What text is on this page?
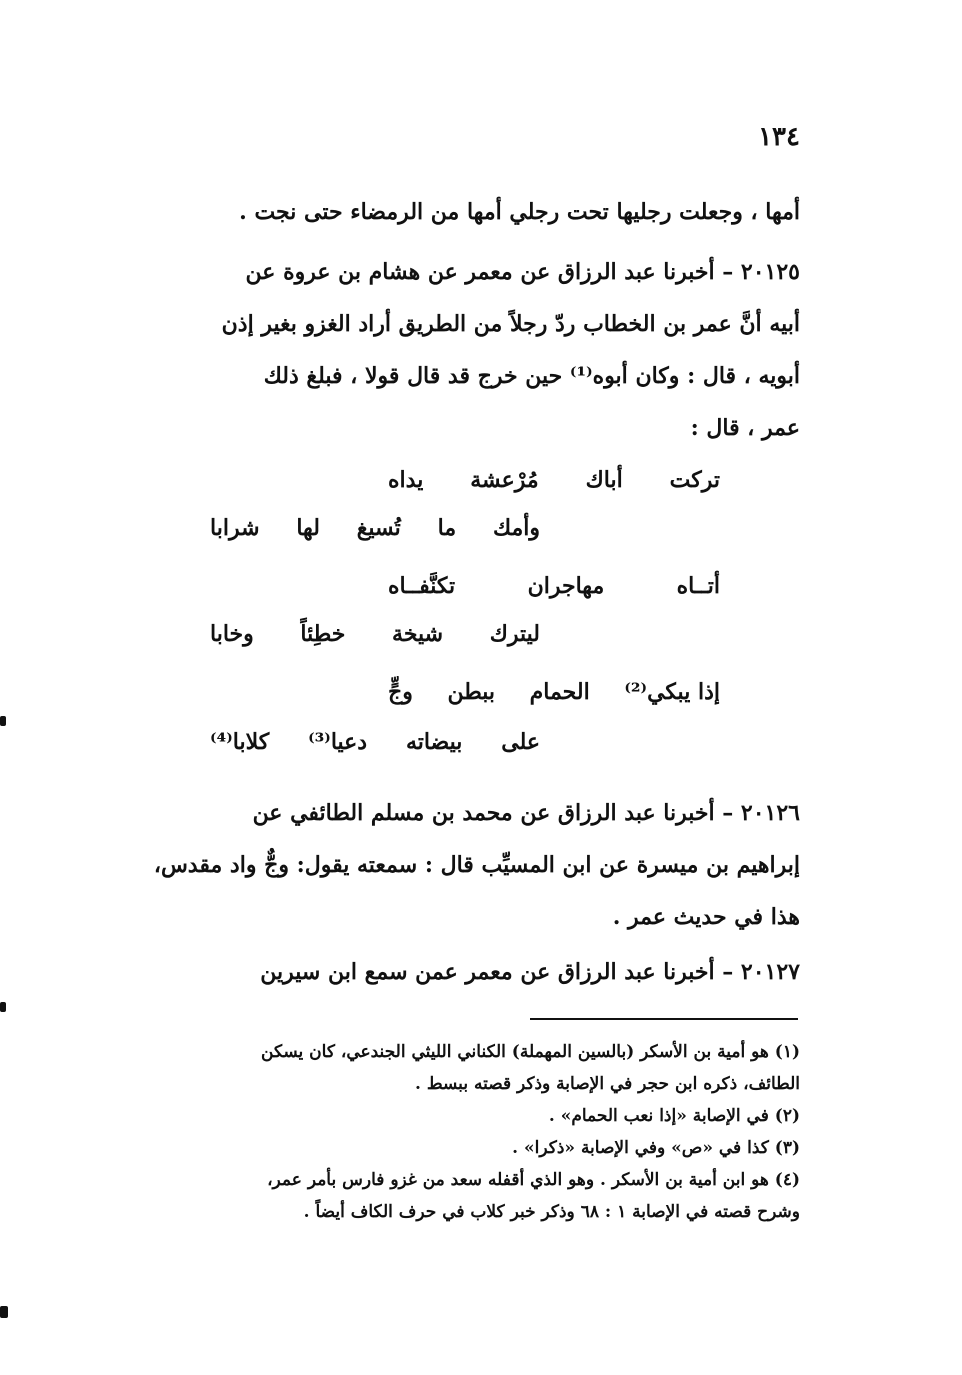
١٣٤
أمها ، وجعلت رجليها تحت رجلي أمها من الرمضاء حتى نجت .
٢٠١٢٥ – أخبرنا عبد الرزاق عن معمر عن هشام بن عروة عن
أبيه أنَّ عمر بن الخطاب ردّ رجلاً من الطريق أراد الغزو بغير إذن
أبويه ، قال : وكان أبوه⁽¹⁾ حين خرج قد قال قولا ، فبلغ ذلك
عمر ، قال :
تركت
أباك
مُرْعشة
يداه
وأمك
ما
تُسيغ
لها
شرابا
أتــاه
مهاجران
تكنَّفــاه
ليترك
شيخة
خطِئاً
وخابا
إذا يبكي⁽²⁾
الحمام
ببطن
وجٍّ
على
بيضاته
دعيا⁽³⁾
كلابا⁽⁴⁾
٢٠١٢٦ – أخبرنا عبد الرزاق عن محمد بن مسلم الطائفي عن
إبراهيم بن ميسرة عن ابن المسيِّب قال : سمعته يقول: وجٌّ واد مقدس،
هذا في حديث عمر .
٢٠١٢٧ – أخبرنا عبد الرزاق عن معمر عمن سمع ابن سيرين
(١) هو أمية بن الأسكر (بالسين المهملة) الكناني الليثي الجندعي، كان يسكن
الطائف، ذكره ابن حجر في الإصابة وذكر قصته ببسط .
(٢) في الإصابة «إذا نعب الحمام» .
(٣) كذا في «ص» وفي الإصابة «ذكرا» .
(٤) هو ابن أمية بن الأسكر . وهو الذي أقفله سعد من غزو فارس بأمر عمر،
وشرح قصته في الإصابة ١ : ٦٨ وذكر خبر كلاب في حرف الكاف أيضاً .
